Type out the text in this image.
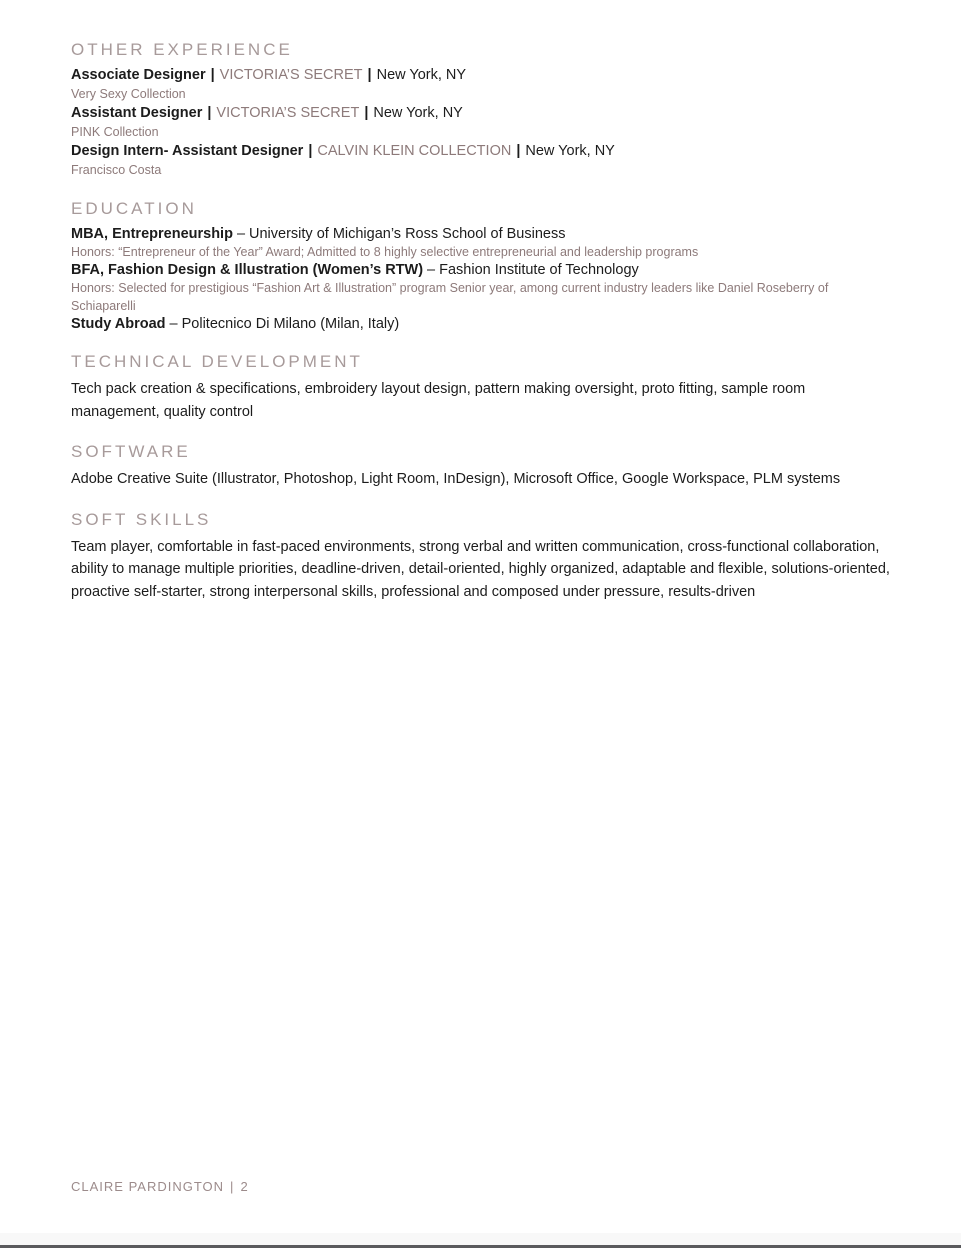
OTHER EXPERIENCE
Associate Designer | VICTORIA’S SECRET | New York, NY
Very Sexy Collection
Assistant Designer | VICTORIA’S SECRET | New York, NY
PINK Collection
Design Intern- Assistant Designer | CALVIN KLEIN COLLECTION | New York, NY
Francisco Costa
EDUCATION
MBA, Entrepreneurship – University of Michigan’s Ross School of Business
Honors: “Entrepreneur of the Year” Award; Admitted to 8 highly selective entrepreneurial and leadership programs
BFA, Fashion Design & Illustration (Women’s RTW) – Fashion Institute of Technology
Honors: Selected for prestigious “Fashion Art & Illustration” program Senior year, among current industry leaders like Daniel Roseberry of Schiaparelli
Study Abroad – Politecnico Di Milano (Milan, Italy)
TECHNICAL DEVELOPMENT

Tech pack creation & specifications, embroidery layout design, pattern making oversight, proto fitting, sample room management, quality control

SOFTWARE

Adobe Creative Suite (Illustrator, Photoshop, Light Room, InDesign), Microsoft Office, Google Workspace, PLM systems

SOFT SKILLS

Team player, comfortable in fast-paced environments, strong verbal and written communication, cross-functional collaboration, ability to manage multiple priorities, deadline-driven, detail-oriented, highly organized, adaptable and flexible, solutions-oriented, proactive self-starter, strong interpersonal skills, professional and composed under pressure, results-driven

CLAIRE PARDINGTON | 2
